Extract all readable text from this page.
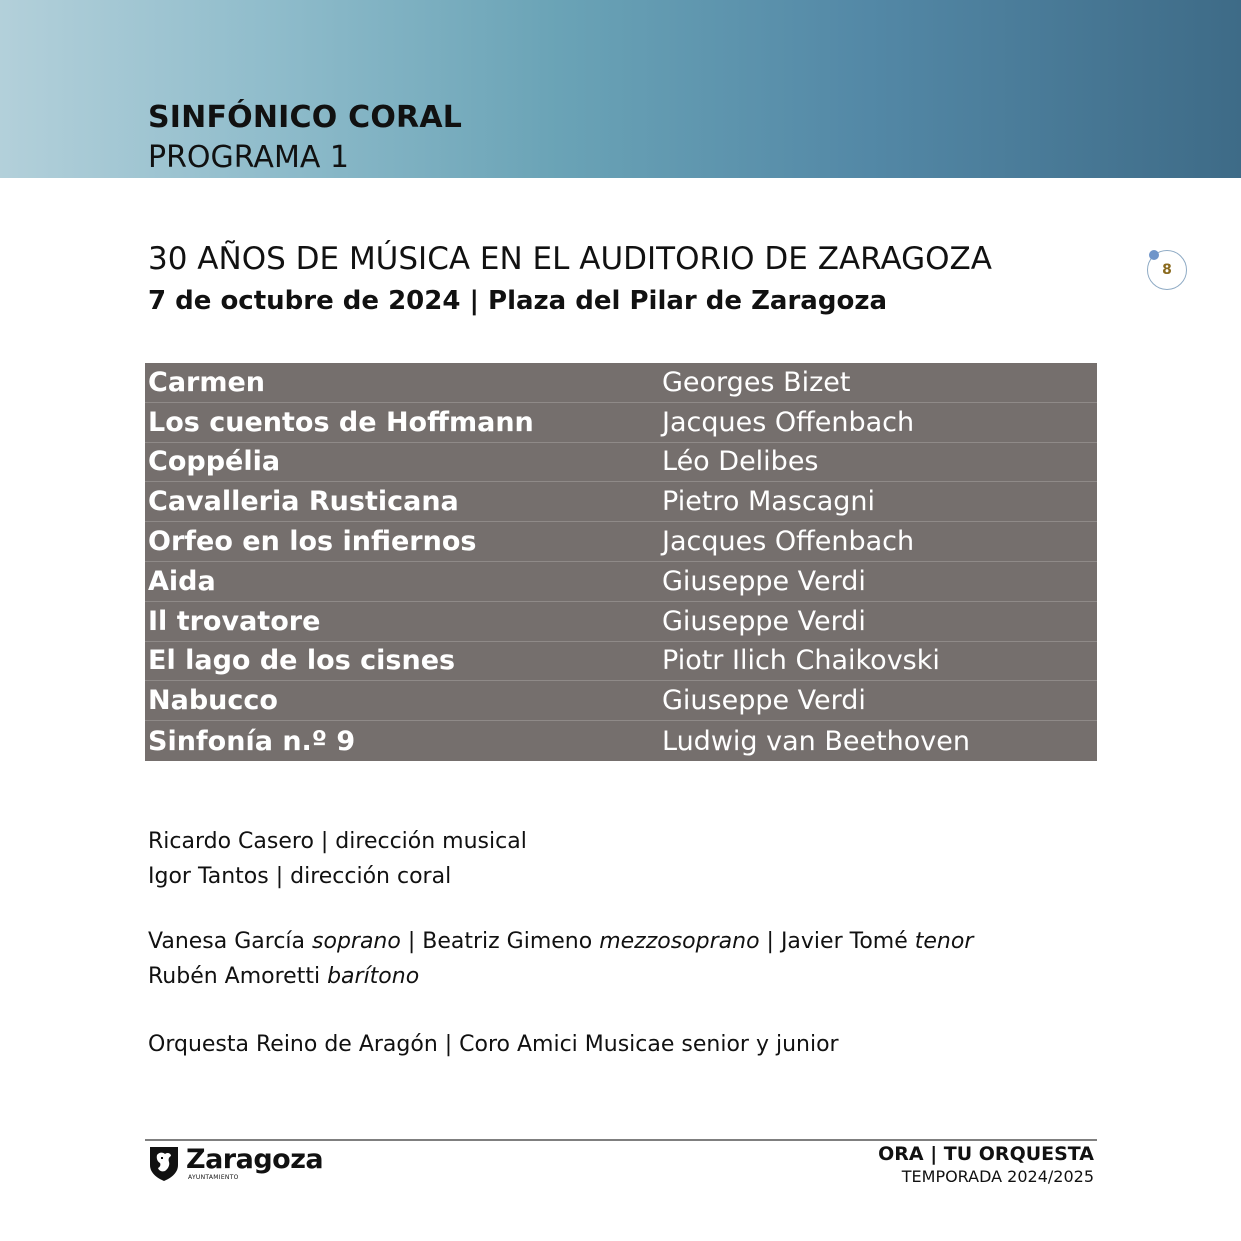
SINFÓNICO CORAL
PROGRAMA 1
8
30 AÑOS DE MÚSICA EN EL AUDITORIO DE ZARAGOZA
7 de octubre de 2024 | Plaza del Pilar de Zaragoza
Carmen	Georges Bizet
Los cuentos de Hoffmann	Jacques Offenbach
Coppélia	Léo Delibes
Cavalleria Rusticana	Pietro Mascagni
Orfeo en los infiernos	Jacques Offenbach
Aida	Giuseppe Verdi
Il trovatore	Giuseppe Verdi
El lago de los cisnes	Piotr Ilich Chaikovski
Nabucco	Giuseppe Verdi
Sinfonía n.º 9	Ludwig van Beethoven
Ricardo Casero | dirección musical
Igor Tantos | dirección coral
Vanesa García soprano | Beatriz Gimeno mezzosoprano | Javier Tomé tenor
Rubén Amoretti barítono
Orquesta Reino de Aragón | Coro Amici Musicae senior y junior
Zaragoza
AYUNTAMIENTO
ORA | TU ORQUESTA
TEMPORADA 2024/2025
